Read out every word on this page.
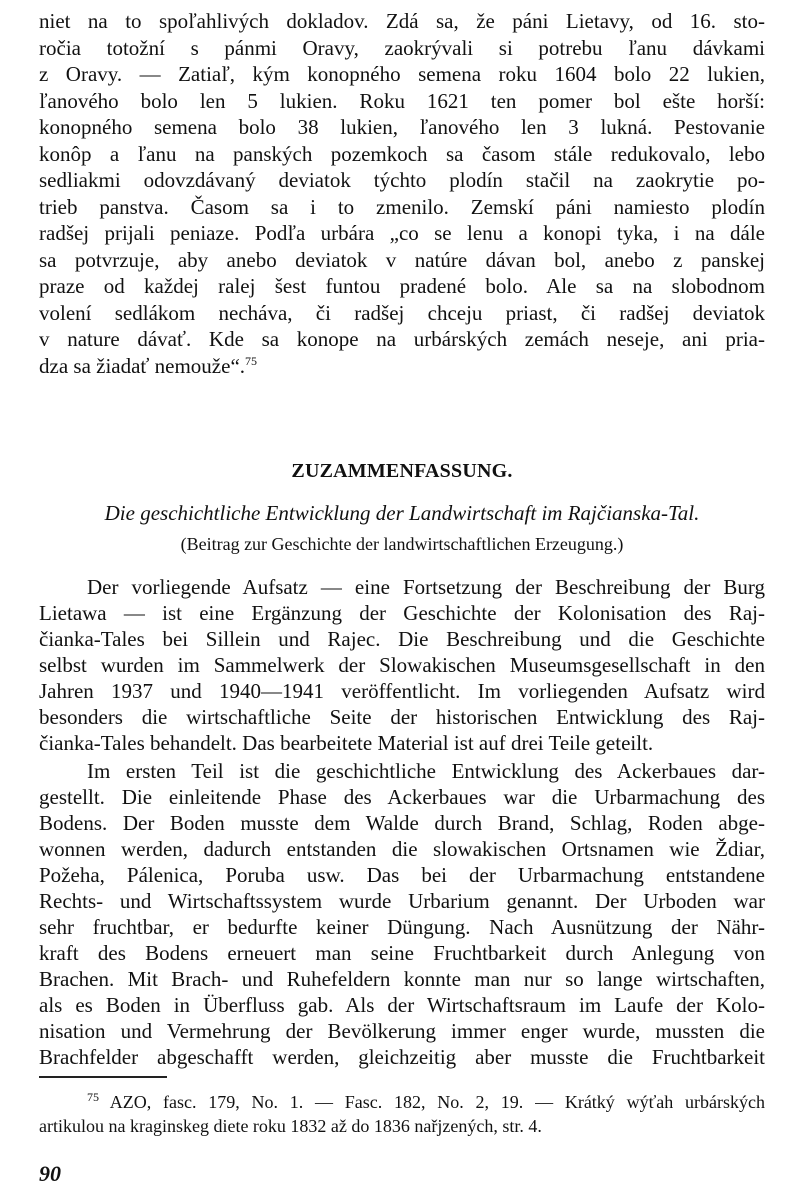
niet na to spoľahlivých dokladov. Zdá sa, že páni Lietavy, od 16. sto-
ročia totožní s pánmi Oravy, zaokrývali si potrebu ľanu dávkami
z Oravy. — Zatiaľ, kým konopného semena roku 1604 bolo 22 lukien,
ľanového bolo len 5 lukien. Roku 1621 ten pomer bol ešte horší:
konopného semena bolo 38 lukien, ľanového len 3 lukná. Pestovanie
konôp a ľanu na panských pozemkoch sa časom stále redukovalo, lebo
sedliakmi odovzdávaný deviatok týchto plodín stačil na zaokrytie po-
trieb panstva. Časom sa i to zmenilo. Zemskí páni namiesto plodín
radšej prijali peniaze. Podľa urbára „co se lenu a konopi tyka, i na dále
sa potvrzuje, aby anebo deviatok v natúre dávan bol, anebo z panskej
praze od každej ralej šest funtou pradené bolo. Ale sa na slobodnom
volení sedlákom necháva, či radšej chceju priast, či radšej deviatok
v nature dávať. Kde sa konope na urbárských zemách neseje, ani pria-
dza sa žiadať nemouže“.$^{75}$
ZUZAMMENFASSUNG.
Die geschichtliche Entwicklung der Landwirtschaft im Rajčianska-Tal.
(Beitrag zur Geschichte der landwirtschaftlichen Erzeugung.)
Der vorliegende Aufsatz — eine Fortsetzung der Beschreibung der Burg
Lietawa — ist eine Ergänzung der Geschichte der Kolonisation des Raj-
čianka-Tales bei Sillein und Rajec. Die Beschreibung und die Geschichte
selbst wurden im Sammelwerk der Slowakischen Museumsgesellschaft in den
Jahren 1937 und 1940—1941 veröffentlicht. Im vorliegenden Aufsatz wird
besonders die wirtschaftliche Seite der historischen Entwicklung des Raj-
čianka-Tales behandelt. Das bearbeitete Material ist auf drei Teile geteilt.
Im ersten Teil ist die geschichtliche Entwicklung des Ackerbaues dar-
gestellt. Die einleitende Phase des Ackerbaues war die Urbarmachung des
Bodens. Der Boden musste dem Walde durch Brand, Schlag, Roden abge-
wonnen werden, dadurch entstanden die slowakischen Ortsnamen wie Ždiar,
Požeha, Pálenica, Poruba usw. Das bei der Urbarmachung entstandene
Rechts- und Wirtschaftssystem wurde Urbarium genannt. Der Urboden war
sehr fruchtbar, er bedurfte keiner Düngung. Nach Ausnützung der Nähr-
kraft des Bodens erneuert man seine Fruchtbarkeit durch Anlegung von
Brachen. Mit Brach- und Ruhefeldern konnte man nur so lange wirtschaften,
als es Boden in Überfluss gab. Als der Wirtschaftsraum im Laufe der Kolo-
nisation und Vermehrung der Bevölkerung immer enger wurde, mussten die
Brachfelder abgeschafft werden, gleichzeitig aber musste die Fruchtbarkeit
$^{75}$ AZO, fasc. 179, No. 1. — Fasc. 182, No. 2, 19. — Krátký wýťah urbárských
artikulou na kraginskeg diete roku 1832 až do 1836 nařjzených, str. 4.
90
